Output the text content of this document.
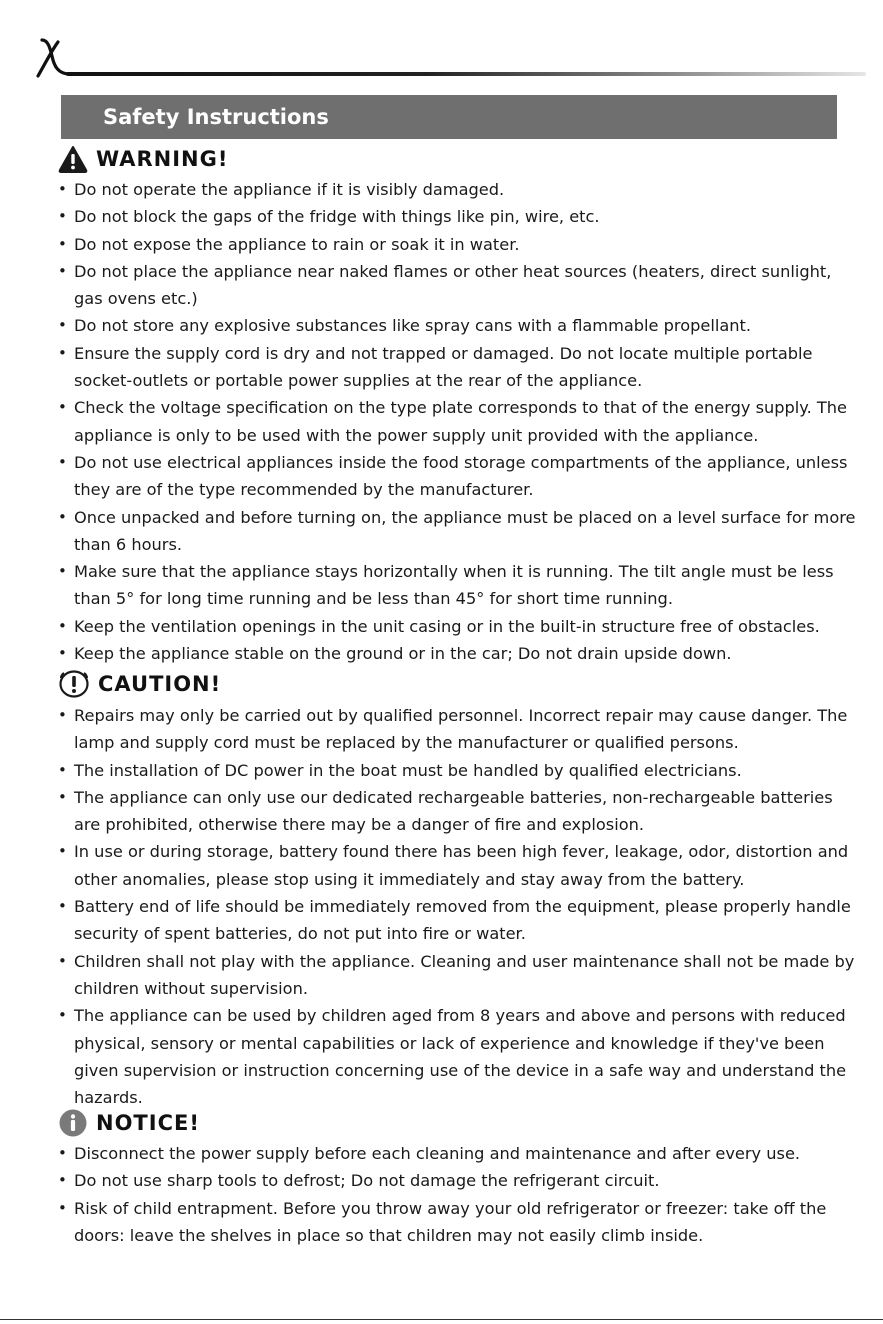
Safety Instructions
WARNING!
• Do not operate the appliance if it is visibly damaged.
• Do not block the gaps of the fridge with things like pin, wire, etc.
• Do not expose the appliance to rain or soak it in water.
• Do not place the appliance near naked flames or other heat sources (heaters, direct sunlight, gas ovens etc.)
• Do not store any explosive substances like spray cans with a flammable propellant.
• Ensure the supply cord is dry and not trapped or damaged. Do not locate multiple portable socket-outlets or portable power supplies at the rear of the appliance.
• Check the voltage specification on the type plate corresponds to that of the energy supply. The appliance is only to be used with the power supply unit provided with the appliance.
• Do not use electrical appliances inside the food storage compartments of the appliance, unless they are of the type recommended by the manufacturer.
• Once unpacked and before turning on, the appliance must be placed on a level surface for more than 6 hours.
• Make sure that the appliance stays horizontally when it is running. The tilt angle must be less than 5° for long time running and be less than 45° for short time running.
• Keep the ventilation openings in the unit casing or in the built-in structure free of obstacles.
• Keep the appliance stable on the ground or in the car; Do not drain upside down.
CAUTION!
• Repairs may only be carried out by qualified personnel. Incorrect repair may cause danger. The lamp and supply cord must be replaced by the manufacturer or qualified persons.
• The installation of DC power in the boat must be handled by qualified electricians.
• The appliance can only use our dedicated rechargeable batteries, non-rechargeable batteries are prohibited, otherwise there may be a danger of fire and explosion.
• In use or during storage, battery found there has been high fever, leakage, odor, distortion and other anomalies, please stop using it immediately and stay away from the battery.
• Battery end of life should be immediately removed from the equipment, please properly handle security of spent batteries, do not put into fire or water.
• Children shall not play with the appliance. Cleaning and user maintenance shall not be made by children without supervision.
• The appliance can be used by children aged from 8 years and above and persons with reduced physical, sensory or mental capabilities or lack of experience and knowledge if they've been given supervision or instruction concerning use of the device in a safe way and understand the hazards.
NOTICE!
• Disconnect the power supply before each cleaning and maintenance and after every use.
• Do not use sharp tools to defrost; Do not damage the refrigerant circuit.
• Risk of child entrapment. Before you throw away your old refrigerator or freezer: take off the doors: leave the shelves in place so that children may not easily climb inside.
